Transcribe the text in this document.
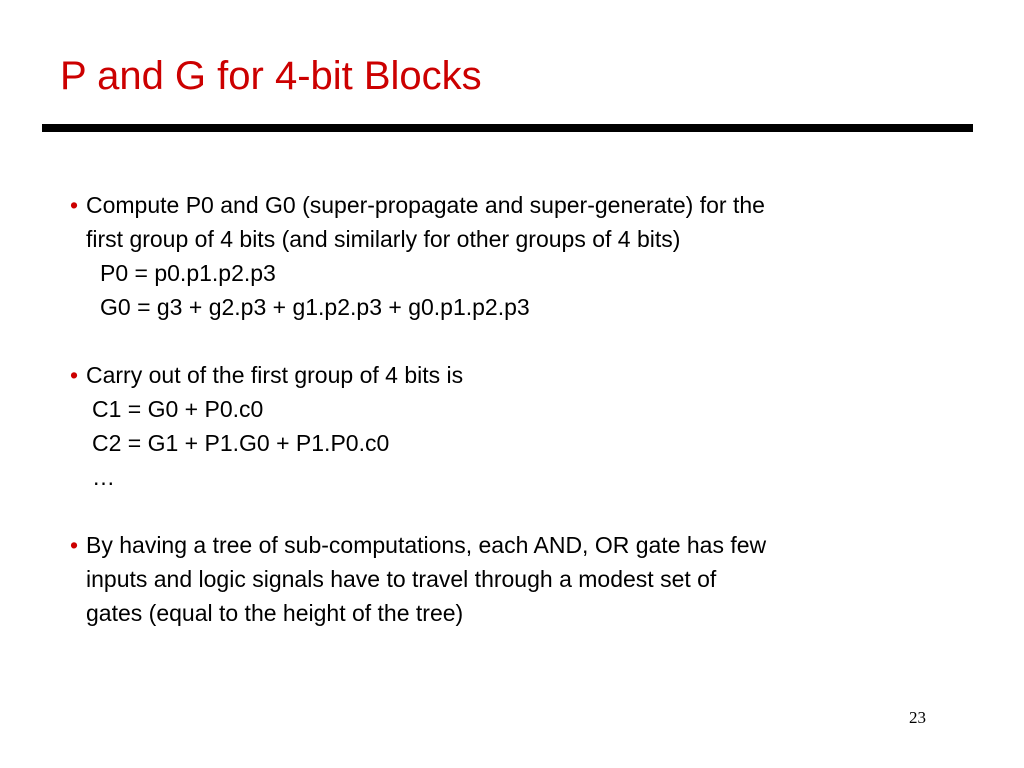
P and G for 4-bit Blocks
• Compute P0 and G0 (super-propagate and super-generate) for the
first group of 4 bits (and similarly for other groups of 4 bits)
P0 = p0.p1.p2.p3
G0 = g3 + g2.p3 + g1.p2.p3 + g0.p1.p2.p3
• Carry out of the first group of 4 bits is
C1 = G0 + P0.c0
C2 = G1 + P1.G0 + P1.P0.c0
…
• By having a tree of sub-computations, each AND, OR gate has few
inputs and logic signals have to travel through a modest set of
gates (equal to the height of the tree)
23
